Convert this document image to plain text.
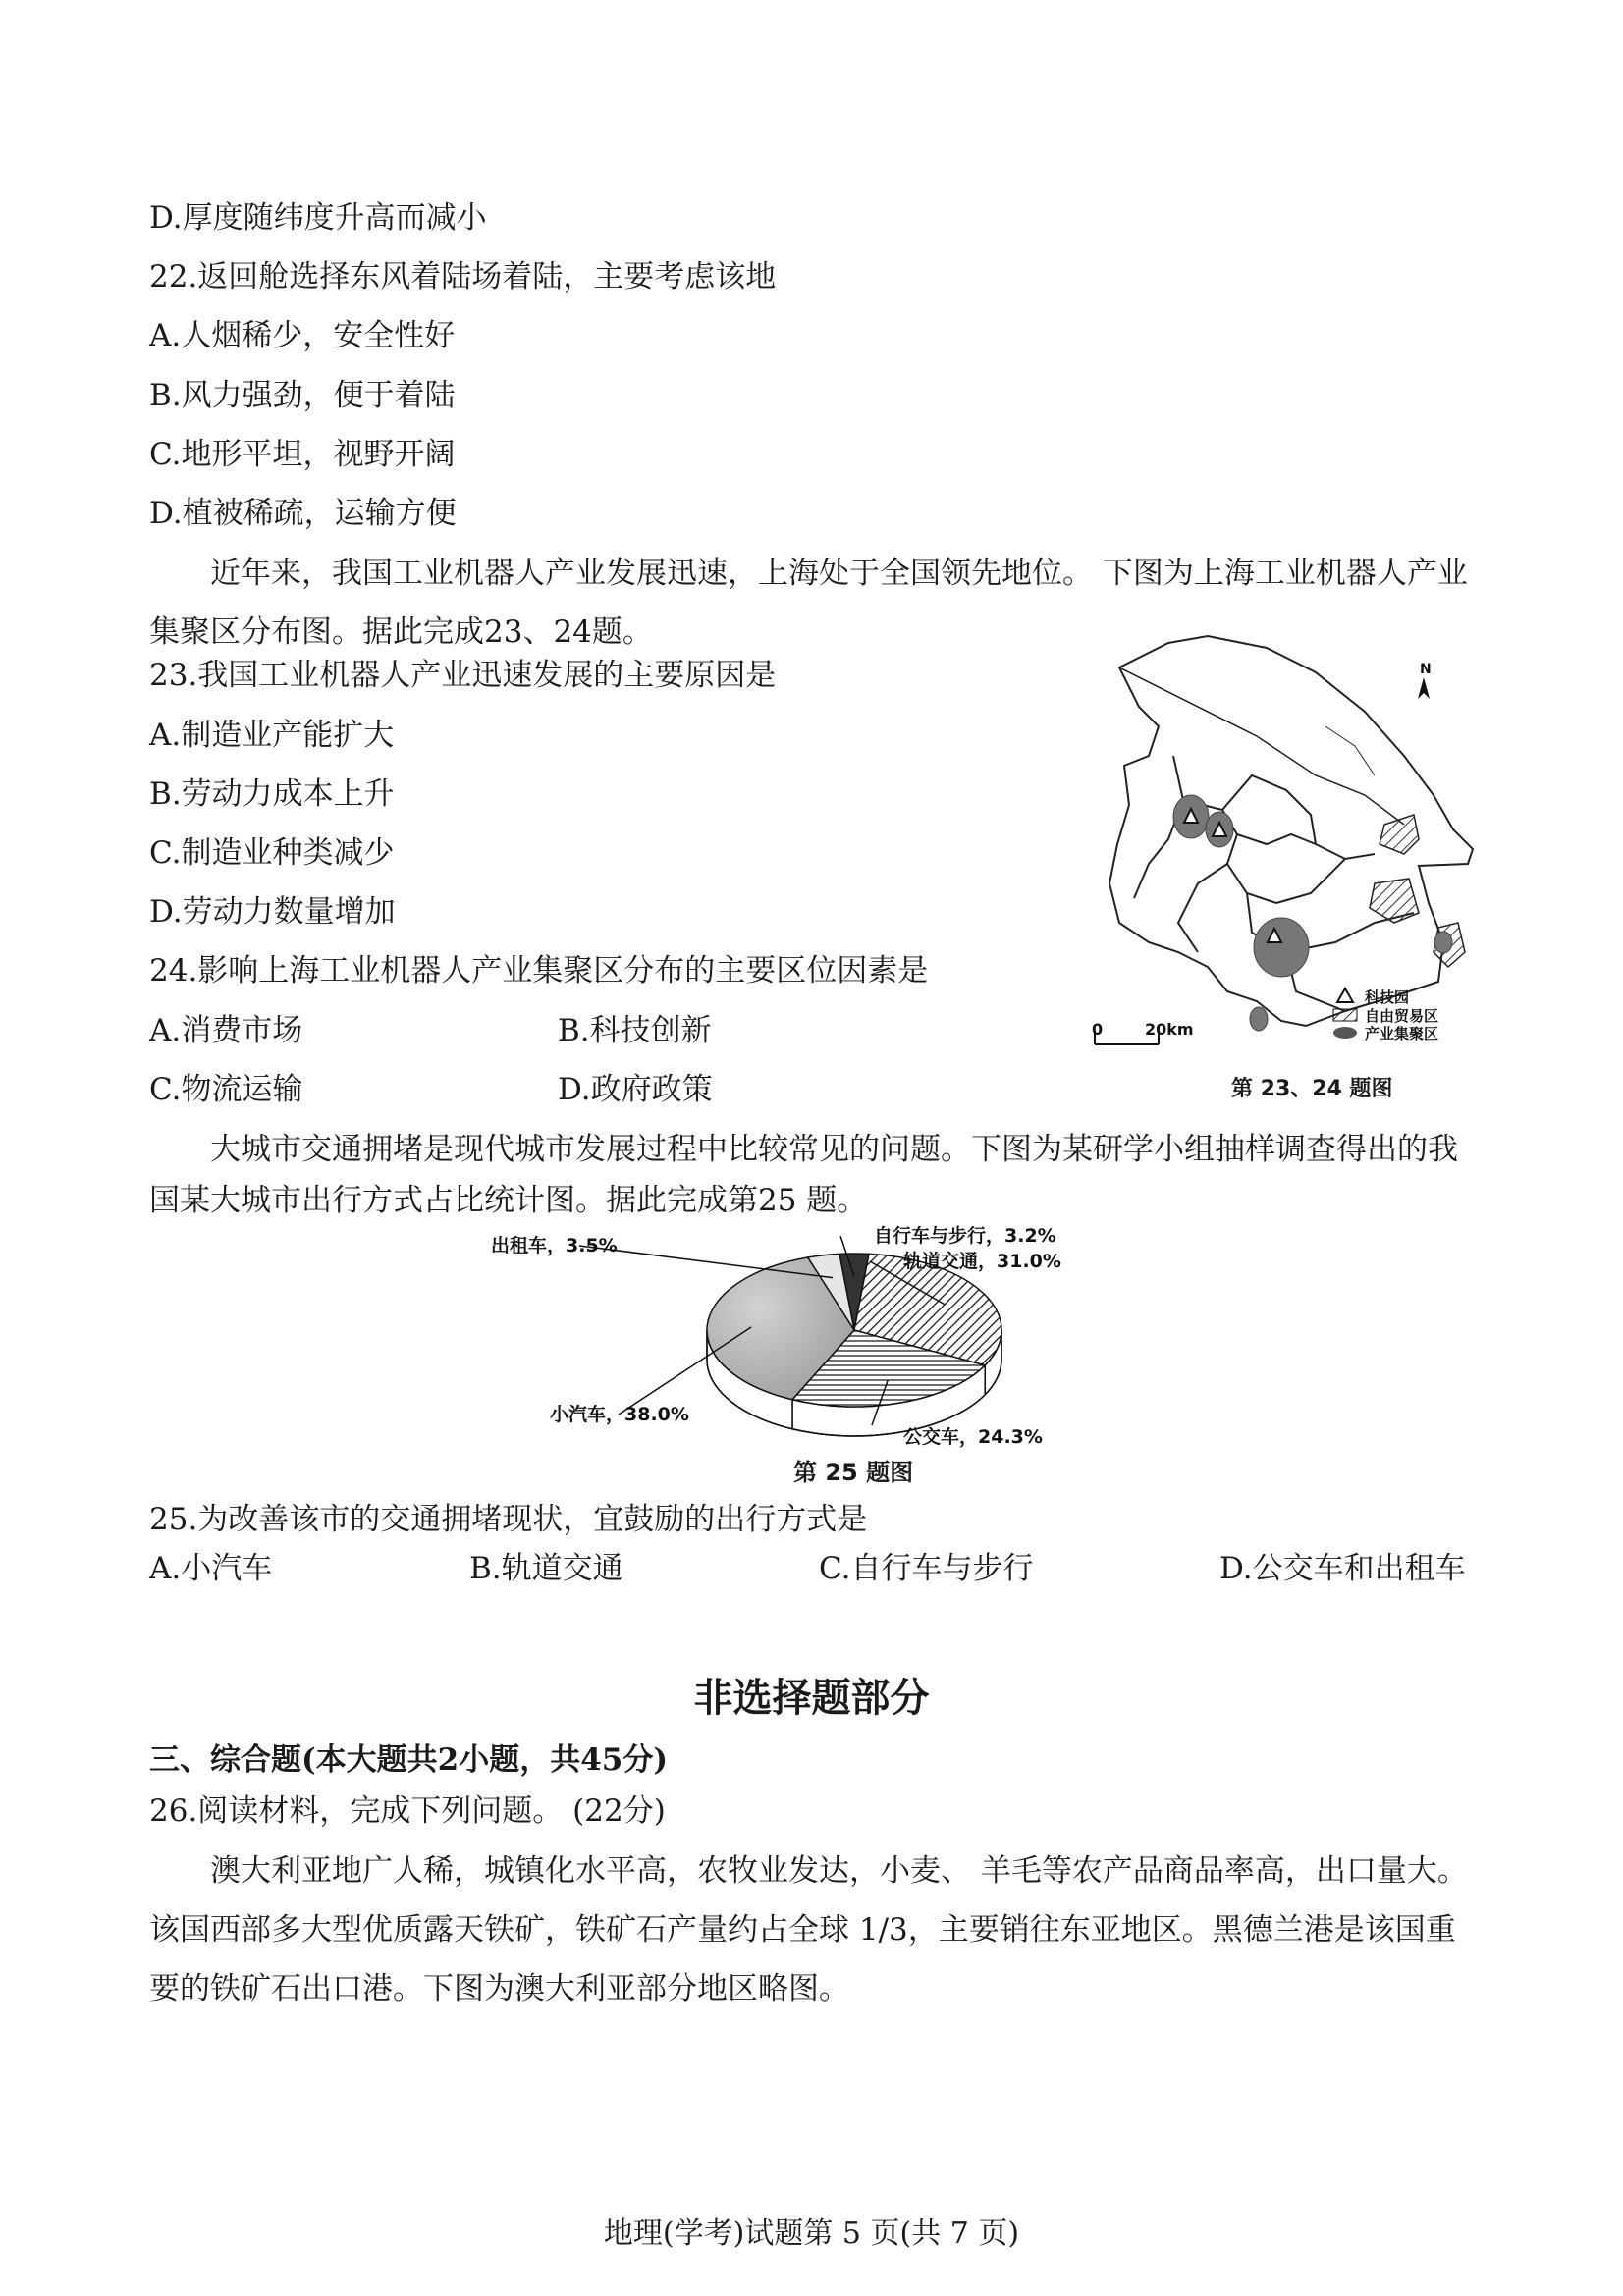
D.厚度随纬度升高而减小
22.返回舱选择东风着陆场着陆，主要考虑该地
A.人烟稀少，安全性好
B.风力强劲，便于着陆
C.地形平坦，视野开阔
D.植被稀疏，运输方便
近年来，我国工业机器人产业发展迅速，上海处于全国领先地位。 下图为上海工业机器人产业集聚区分布图。据此完成23、24题。
23.我国工业机器人产业迅速发展的主要原因是
A.制造业产能扩大
B.劳动力成本上升
C.制造业种类减少
D.劳动力数量增加
24.影响上海工业机器人产业集聚区分布的主要区位因素是
A.消费市场	B.科技创新
C.物流运输	D.政府政策
N
0	20km
科技园
自由贸易区
产业集聚区
第 23、24 题图
大城市交通拥堵是现代城市发展过程中比较常见的问题。下图为某研学小组抽样调查得出的我国某大城市出行方式占比统计图。据此完成第25 题。
自行车与步行，3.2%
轨道交通，31.0%
公交车，24.3%
小汽车，38.0%
出租车，3.5%
第 25 题图
25.为改善该市的交通拥堵现状，宜鼓励的出行方式是
A.小汽车	B.轨道交通	C.自行车与步行	D.公交车和出租车
非选择题部分
三、综合题(本大题共2小题，共45分)
26.阅读材料，完成下列问题。 (22分)
澳大利亚地广人稀，城镇化水平高，农牧业发达，小麦、 羊毛等农产品商品率高，出口量大。该国西部多大型优质露天铁矿，铁矿石产量约占全球 1/3，主要销往东亚地区。黑德兰港是该国重要的铁矿石出口港。下图为澳大利亚部分地区略图。
地理(学考)试题第 5 页(共 7 页)
